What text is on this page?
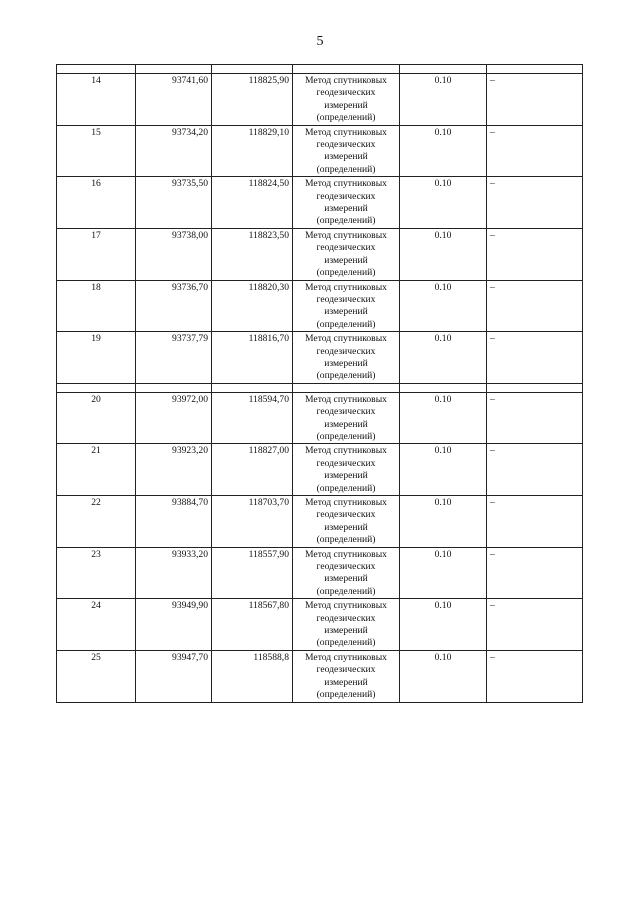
5

14	93741,60	118825,90	Метод спутниковых геодезических измерений (определений)	0.10	–
15	93734,20	118829,10	Метод спутниковых геодезических измерений (определений)	0.10	–
16	93735,50	118824,50	Метод спутниковых геодезических измерений (определений)	0.10	–
17	93738,00	118823,50	Метод спутниковых геодезических измерений (определений)	0.10	–
18	93736,70	118820,30	Метод спутниковых геодезических измерений (определений)	0.10	–
19	93737,79	118816,70	Метод спутниковых геодезических измерений (определений)	0.10	–

20	93972,00	118594,70	Метод спутниковых геодезических измерений (определений)	0.10	–
21	93923,20	118827,00	Метод спутниковых геодезических измерений (определений)	0.10	–
22	93884,70	118703,70	Метод спутниковых геодезических измерений (определений)	0.10	–
23	93933,20	118557,90	Метод спутниковых геодезических измерений (определений)	0.10	–
24	93949,90	118567,80	Метод спутниковых геодезических измерений (определений)	0.10	–
25	93947,70	118588,8	Метод спутниковых геодезических измерений (определений)	0.10	–
